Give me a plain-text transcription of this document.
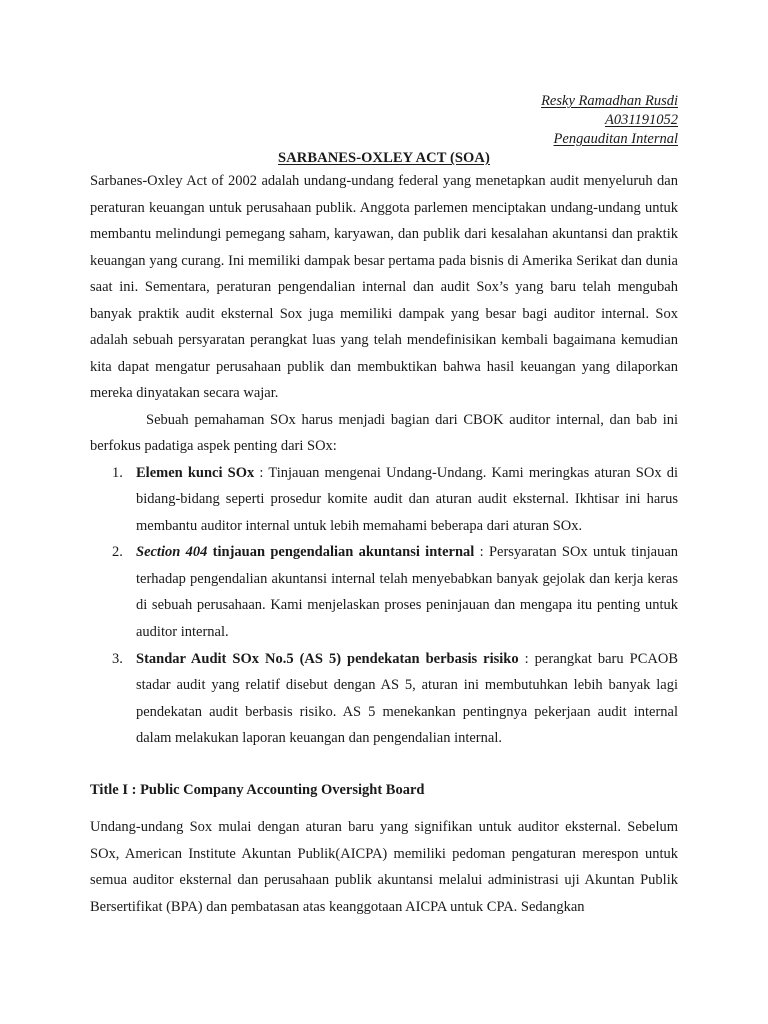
Resky Ramadhan Rusdi
A031191052
Pengauditan Internal
SARBANES-OXLEY ACT (SOA)

Sarbanes-Oxley Act of 2002 adalah undang-undang federal yang menetapkan audit menyeluruh dan peraturan keuangan untuk perusahaan publik. Anggota parlemen menciptakan undang-undang untuk membantu melindungi pemegang saham, karyawan, dan publik dari kesalahan akuntansi dan praktik keuangan yang curang. Ini memiliki dampak besar pertama pada bisnis di Amerika Serikat dan dunia saat ini. Sementara, peraturan pengendalian internal dan audit Sox’s yang baru telah mengubah banyak praktik audit eksternal Sox juga memiliki dampak yang besar bagi auditor internal. Sox adalah sebuah persyaratan perangkat luas yang telah mendefinisikan kembali bagaimana kemudian kita dapat mengatur perusahaan publik dan membuktikan bahwa hasil keuangan yang dilaporkan mereka dinyatakan secara wajar.

Sebuah pemahaman SOx harus menjadi bagian dari CBOK auditor internal, dan bab ini berfokus padatiga aspek penting dari SOx:

1. Elemen kunci SOx : Tinjauan mengenai Undang-Undang. Kami meringkas aturan SOx di bidang-bidang seperti prosedur komite audit dan aturan audit eksternal. Ikhtisar ini harus membantu auditor internal untuk lebih memahami beberapa dari aturan SOx.
2. Section 404 tinjauan pengendalian akuntansi internal : Persyaratan SOx untuk tinjauan terhadap pengendalian akuntansi internal telah menyebabkan banyak gejolak dan kerja keras di sebuah perusahaan. Kami menjelaskan proses peninjauan dan mengapa itu penting untuk auditor internal.
3. Standar Audit SOx No.5 (AS 5) pendekatan berbasis risiko : perangkat baru PCAOB stadar audit yang relatif disebut dengan AS 5, aturan ini membutuhkan lebih banyak lagi pendekatan audit berbasis risiko. AS 5 menekankan pentingnya pekerjaan audit internal dalam melakukan laporan keuangan dan pengendalian internal.
Title I : Public Company Accounting Oversight Board

Undang-undang Sox mulai dengan aturan baru yang signifikan untuk auditor eksternal. Sebelum SOx, American Institute Akuntan Publik(AICPA) memiliki pedoman pengaturan merespon untuk semua auditor eksternal dan perusahaan publik akuntansi melalui administrasi uji Akuntan Publik Bersertifikat (BPA) dan pembatasan atas keanggotaan AICPA untuk CPA. Sedangkan
